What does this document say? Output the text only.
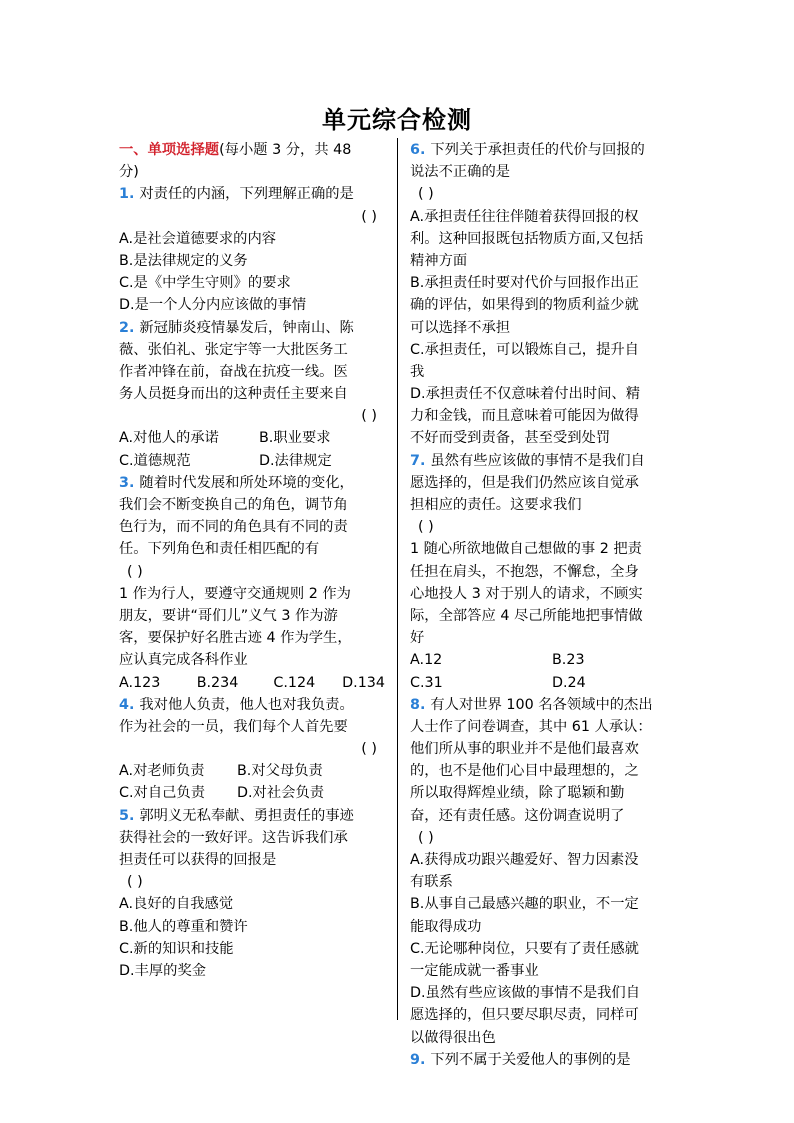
单元综合检测
一、单项选择题(每小题 3 分，共 48
分)
1. 对责任的内涵，下列理解正确的是
( )
A.是社会道德要求的内容
B.是法律规定的义务
C.是《中学生守则》的要求
D.是一个人分内应该做的事情
2. 新冠肺炎疫情暴发后，钟南山、陈
薇、张伯礼、张定宇等一大批医务工
作者冲锋在前，奋战在抗疫一线。医
务人员挺身而出的这种责任主要来自
( )
A.对他人的承诺	B.职业要求
C.道德规范	D.法律规定
3. 随着时代发展和所处环境的变化，
我们会不断变换自己的角色，调节角
色行为，而不同的角色具有不同的责
任。下列角色和责任相匹配的有
( )
1 作为行人，要遵守交通规则 2 作为
朋友，要讲“哥们儿”义气 3 作为游
客，要保护好名胜古迹 4 作为学生，
应认真完成各科作业
A.123	B.234	C.124	D.134
4. 我对他人负责，他人也对我负责。
作为社会的一员，我们每个人首先要
( )
A.对老师负责	B.对父母负责
C.对自己负责	D.对社会负责
5. 郭明义无私奉献、勇担责任的事迹
获得社会的一致好评。这告诉我们承
担责任可以获得的回报是
( )
A.良好的自我感觉
B.他人的尊重和赞许
C.新的知识和技能
D.丰厚的奖金
6. 下列关于承担责任的代价与回报的
说法不正确的是
( )
A.承担责任往往伴随着获得回报的权
利。这种回报既包括物质方面,又包括
精神方面
B.承担责任时要对代价与回报作出正
确的评估，如果得到的物质利益少就
可以选择不承担
C.承担责任，可以锻炼自己，提升自
我
D.承担责任不仅意味着付出时间、精
力和金钱，而且意味着可能因为做得
不好而受到责备，甚至受到处罚
7. 虽然有些应该做的事情不是我们自
愿选择的，但是我们仍然应该自觉承
担相应的责任。这要求我们
( )
1 随心所欲地做自己想做的事 2 把责
任担在肩头，不抱怨，不懈怠，全身
心地投人 3 对于别人的请求，不顾实
际，全部答应 4 尽己所能地把事情做
好
A.12	B.23
C.31	D.24
8. 有人对世界 100 名各领域中的杰出
人士作了问卷调查，其中 61 人承认：
他们所从事的职业并不是他们最喜欢
的，也不是他们心目中最理想的，之
所以取得辉煌业绩，除了聪颖和勤
奋，还有责任感。这份调查说明了
( )
A.获得成功跟兴趣爱好、智力因素没
有联系
B.从事自己最感兴趣的职业，不一定
能取得成功
C.无论哪种岗位，只要有了责任感就
一定能成就一番事业
D.虽然有些应该做的事情不是我们自
愿选择的，但只要尽职尽责，同样可
以做得很出色
9. 下列不属于关爱他人的事例的是
